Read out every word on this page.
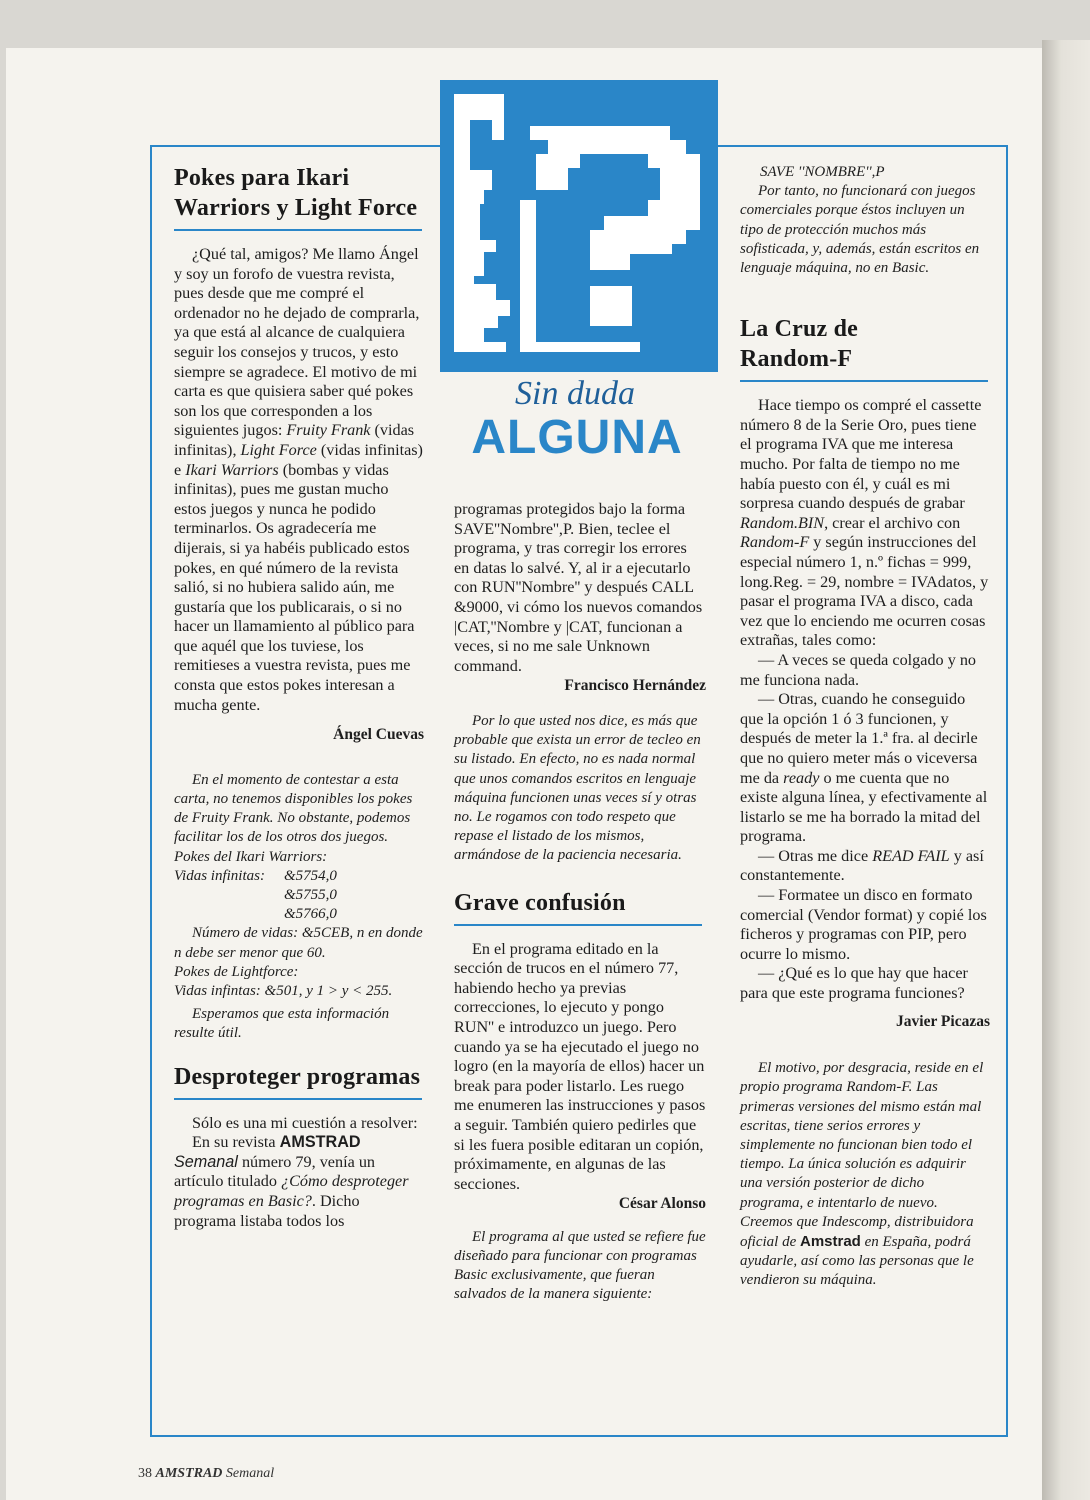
Sin duda
ALGUNA
Pokes para Ikari Warriors y Light Force

¿Qué tal, amigos? Me llamo Ángel y soy un forofo de vuestra revista, pues desde que me compré el ordenador no he dejado de comprarla, ya que está al alcance de cualquiera seguir los consejos y trucos, y esto siempre se agradece. El motivo de mi carta es que quisiera saber qué pokes son los que corresponden a los siguientes jugos: Fruity Frank (vidas infinitas), Light Force (vidas infinitas) e Ikari Warriors (bombas y vidas infinitas), pues me gustan mucho estos juegos y nunca he podido terminarlos. Os agradecería me dijerais, si ya habéis publicado estos pokes, en qué número de la revista salió, si no hubiera salido aún, me gustaría que los publicarais, o si no hacer un llamamiento al público para que aquél que los tuviese, los remitieses a vuestra revista, pues me consta que estos pokes interesan a mucha gente.

Ángel Cuevas

En el momento de contestar a esta carta, no tenemos disponibles los pokes de Fruity Frank. No obstante, podemos facilitar los de los otros dos juegos.

Pokes del Ikari Warriors:
Vidas infinitas:	&5754,0
&5755,0
&5766,0
Número de vidas: &5CEB, n en donde n debe ser menor que 60.
Pokes de Lightforce:
Vidas infintas: &501, y 1 > y < 255.
Esperamos que esta información resulte útil.
Desproteger programas

Sólo es una mi cuestión a resolver:

En su revista AMSTRAD Semanal número 79, venía un artículo titulado ¿Cómo desproteger programas en Basic?. Dicho programa listaba todos los

programas protegidos bajo la forma SAVE''Nombre'',P. Bien, teclee el programa, y tras corregir los errores en datas lo salvé. Y, al ir a ejecutarlo con RUN''Nombre'' y después CALL &9000, vi cómo los nuevos comandos |CAT,''Nombre y |CAT, funcionan a veces, si no me sale Unknown command.

Francisco Hernández

Por lo que usted nos dice, es más que probable que exista un error de tecleo en su listado. En efecto, no es nada normal que unos comandos escritos en lenguaje máquina funcionen unas veces sí y otras no. Le rogamos con todo respeto que repase el listado de los mismos, armándose de la paciencia necesaria.

Grave confusión

En el programa editado en la sección de trucos en el número 77, habiendo hecho ya previas correcciones, lo ejecuto y pongo RUN'' e introduzco un juego. Pero cuando ya se ha ejecutado el juego no logro (en la mayoría de ellos) hacer un break para poder listarlo. Les ruego me enumeren las instrucciones y pasos a seguir. También quiero pedirles que si les fuera posible editaran un copión, próximamente, en algunas de las secciones.

César Alonso

El programa al que usted se refiere fue diseñado para funcionar con programas Basic exclusivamente, que fueran salvados de la manera siguiente:

SAVE ''NOMBRE'',P

Por tanto, no funcionará con juegos comerciales porque éstos incluyen un tipo de protección muchos más sofisticada, y, además, están escritos en lenguaje máquina, no en Basic.

La Cruz de Random-F

Hace tiempo os compré el cassette número 8 de la Serie Oro, pues tiene el programa IVA que me interesa mucho. Por falta de tiempo no me había puesto con él, y cuál es mi sorpresa cuando después de grabar Random.BIN, crear el archivo con Random-F y según instrucciones del especial número 1, n.º fichas = 999, long.Reg. = 29, nombre = IVAdatos, y pasar el programa IVA a disco, cada vez que lo enciendo me ocurren cosas extrañas, tales como:

— A veces se queda colgado y no me funciona nada.

— Otras, cuando he conseguido que la opción 1 ó 3 funcionen, y después de meter la 1.ª fra. al decirle que no quiero meter más o viceversa me da ready o me cuenta que no existe alguna línea, y efectivamente al listarlo se me ha borrado la mitad del programa.

— Otras me dice READ FAIL y así constantemente.

— Formatee un disco en formato comercial (Vendor format) y copié los ficheros y programas con PIP, pero ocurre lo mismo.

— ¿Qué es lo que hay que hacer para que este programa funciones?

Javier Picazas

El motivo, por desgracia, reside en el propio programa Random-F. Las primeras versiones del mismo están mal escritas, tiene serios errores y simplemente no funcionan bien todo el tiempo. La única solución es adquirir una versión posterior de dicho programa, e intentarlo de nuevo. Creemos que Indescomp, distribuidora oficial de Amstrad en España, podrá ayudarle, así como las personas que le vendieron su máquina.

38 AMSTRAD Semanal
